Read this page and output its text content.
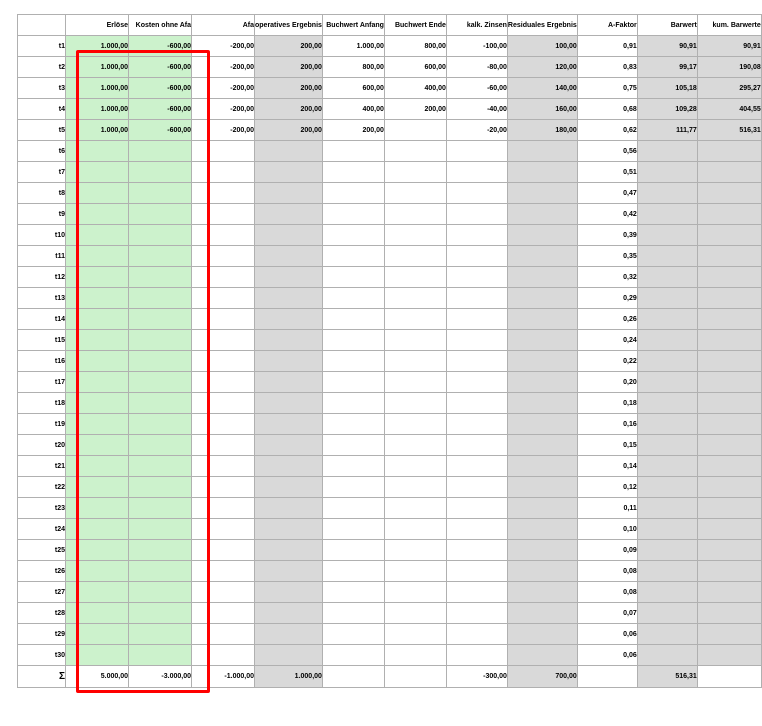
	Erlöse	Kosten ohne Afa	Afa	operatives Ergebnis	Buchwert Anfang	Buchwert Ende	kalk. Zinsen	Residuales Ergebnis	A-Faktor	Barwert	kum. Barwerte
t1	1.000,00	-600,00	-200,00	200,00	1.000,00	800,00	-100,00	100,00	0,91	90,91	90,91
t2	1.000,00	-600,00	-200,00	200,00	800,00	600,00	-80,00	120,00	0,83	99,17	190,08
t3	1.000,00	-600,00	-200,00	200,00	600,00	400,00	-60,00	140,00	0,75	105,18	295,27
t4	1.000,00	-600,00	-200,00	200,00	400,00	200,00	-40,00	160,00	0,68	109,28	404,55
t5	1.000,00	-600,00	-200,00	200,00	200,00		-20,00	180,00	0,62	111,77	516,31
t6									0,56		
t7									0,51		
t8									0,47		
t9									0,42		
t10									0,39		
t11									0,35		
t12									0,32		
t13									0,29		
t14									0,26		
t15									0,24		
t16									0,22		
t17									0,20		
t18									0,18		
t19									0,16		
t20									0,15		
t21									0,14		
t22									0,12		
t23									0,11		
t24									0,10		
t25									0,09		
t26									0,08		
t27									0,08		
t28									0,07		
t29									0,06		
t30									0,06		
Σ	5.000,00	-3.000,00	-1.000,00	1.000,00			-300,00	700,00		516,31	
